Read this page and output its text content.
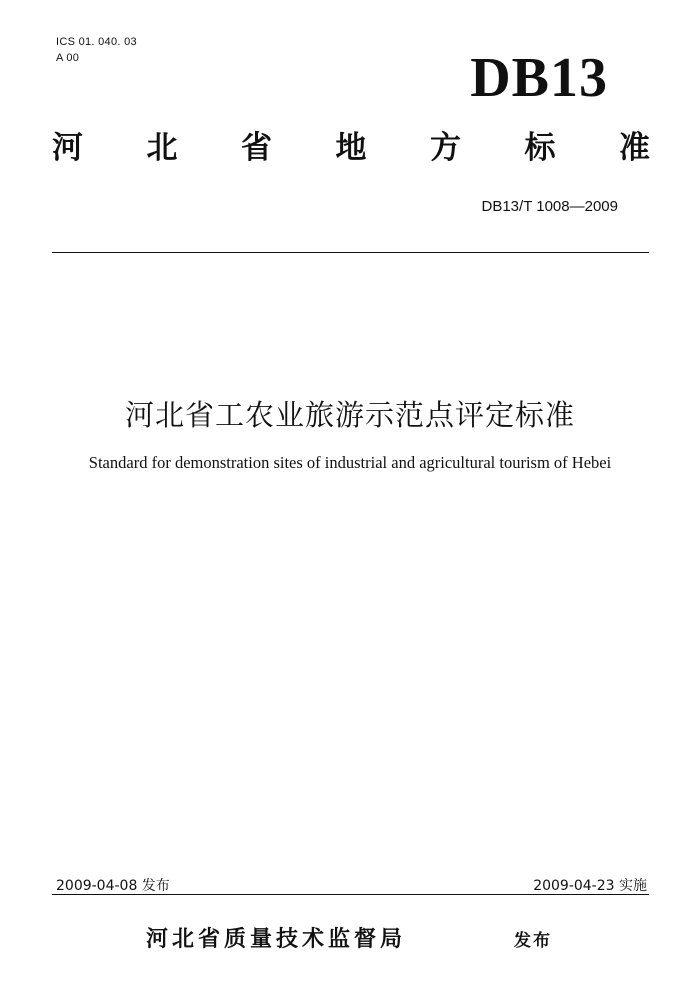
ICS 01. 040. 03
A 00	DB13
河 北 省 地 方 标 准
DB13/T 1008—2009
河北省工农业旅游示范点评定标准
Standard for demonstration sites of industrial and agricultural tourism of Hebei
2009-04-08 发布	2009-04-23 实施
河北省质量技术监督局	发布
